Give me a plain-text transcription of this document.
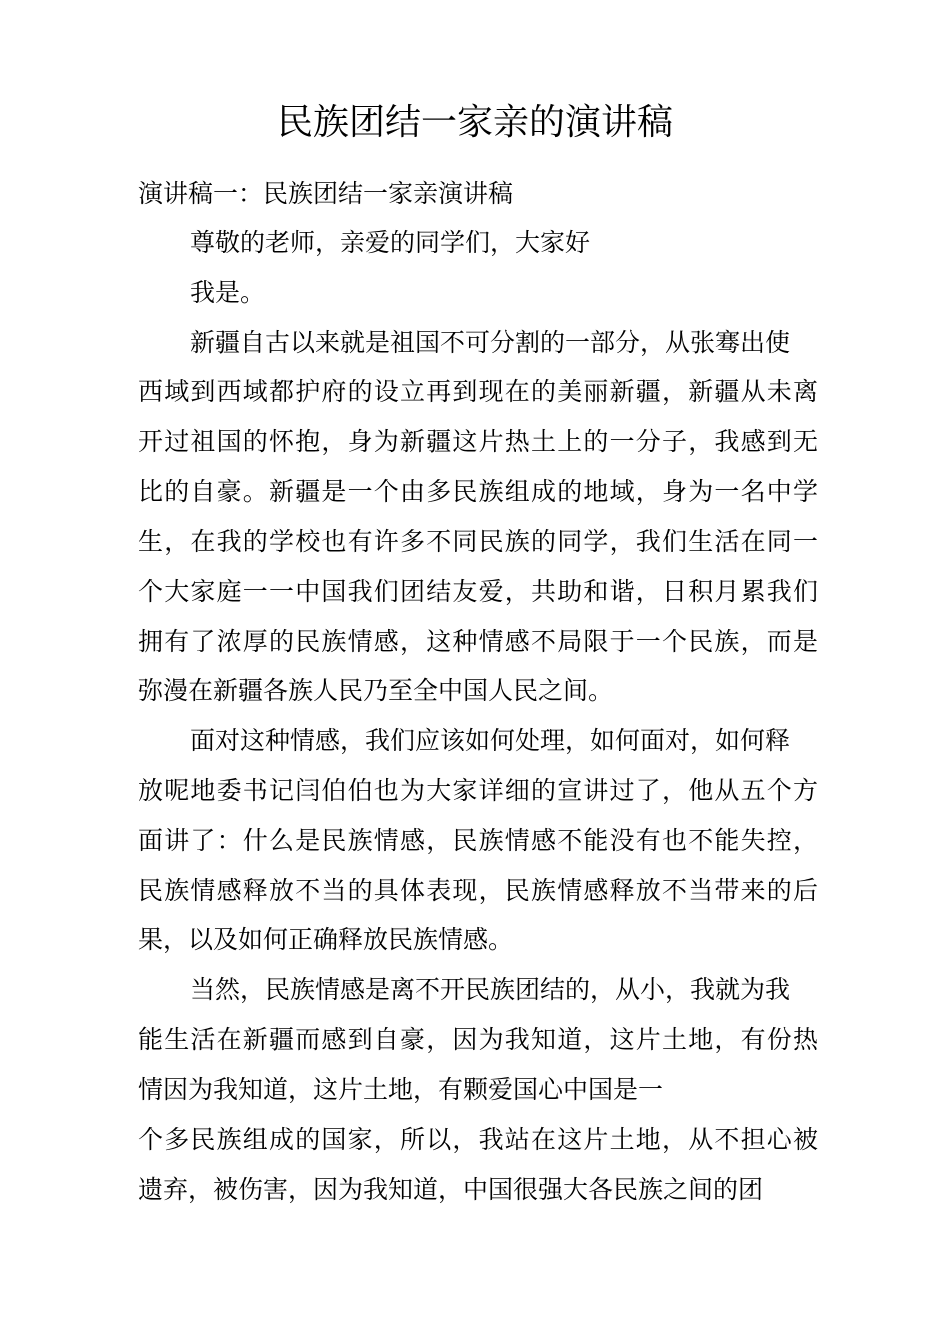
民族团结一家亲的演讲稿

演讲稿一：民族团结一家亲演讲稿

尊敬的老师，亲爱的同学们，大家好

我是。

新疆自古以来就是祖国不可分割的一部分，从张骞出使

西域到西域都护府的设立再到现在的美丽新疆，新疆从未离

开过祖国的怀抱，身为新疆这片热土上的一分子，我感到无

比的自豪。新疆是一个由多民族组成的地域，身为一名中学

生，在我的学校也有许多不同民族的同学，我们生活在同一

个大家庭一一中国我们团结友爱，共助和谐，日积月累我们

拥有了浓厚的民族情感，这种情感不局限于一个民族，而是

弥漫在新疆各族人民乃至全中国人民之间。

面对这种情感，我们应该如何处理，如何面对，如何释

放呢地委书记闫伯伯也为大家详细的宣讲过了，他从五个方

面讲了：什么是民族情感，民族情感不能没有也不能失控，

民族情感释放不当的具体表现，民族情感释放不当带来的后

果，以及如何正确释放民族情感。

当然，民族情感是离不开民族团结的，从小，我就为我

能生活在新疆而感到自豪，因为我知道，这片土地，有份热

情因为我知道，这片土地，有颗爱国心中国是一

个多民族组成的国家，所以，我站在这片土地，从不担心被

遗弃，被伤害，因为我知道，中国很强大各民族之间的团
